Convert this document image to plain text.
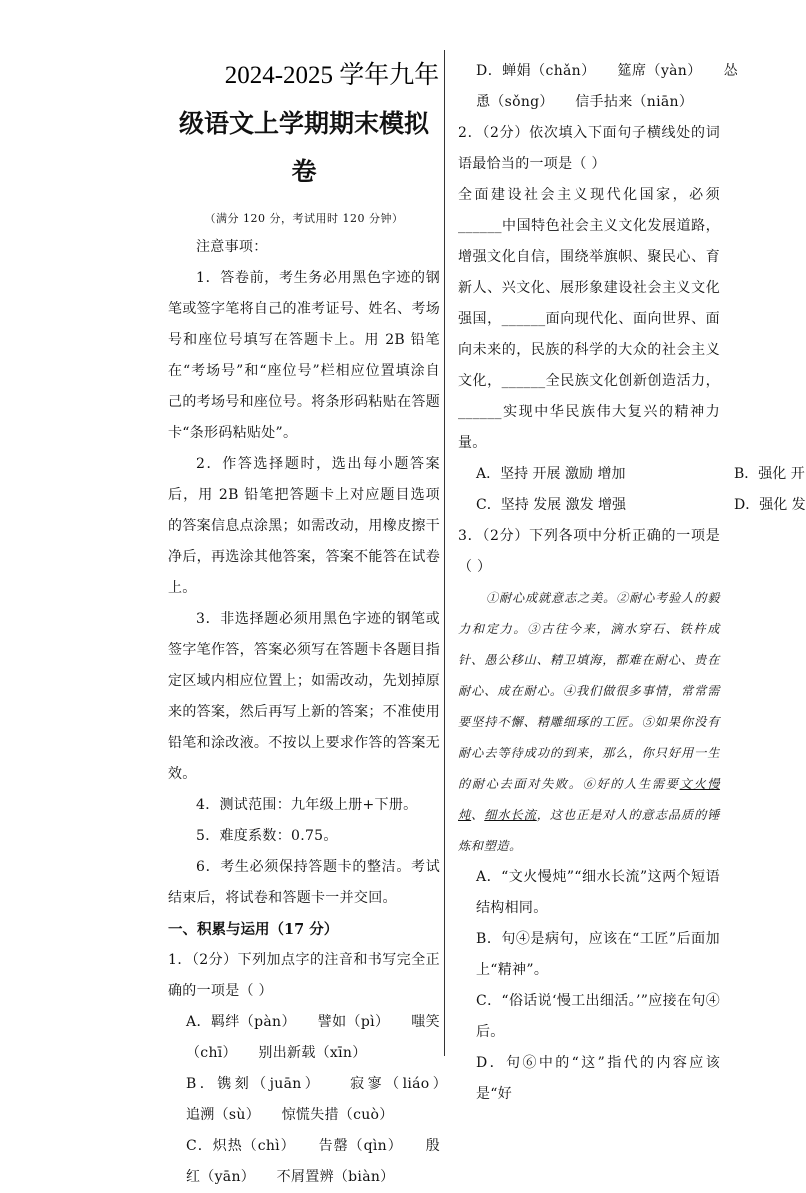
2024-2025 学年九年
级语文上学期期末模拟
卷

（满分 120 分，考试用时 120 分钟）

注意事项：

1．答卷前，考生务必用黑色字迹的钢笔或签字笔将自己的准考证号、姓名、考场号和座位号填写在答题卡上。用 2B 铅笔在“考场号”和“座位号”栏相应位置填涂自己的考场号和座位号。将条形码粘贴在答题卡“条形码粘贴处”。

2．作答选择题时，选出每小题答案后，用 2B 铅笔把答题卡上对应题目选项的答案信息点涂黑；如需改动，用橡皮擦干净后，再选涂其他答案，答案不能答在试卷上。

3．非选择题必须用黑色字迹的钢笔或签字笔作答，答案必须写在答题卡各题目指定区域内相应位置上；如需改动，先划掉原来的答案，然后再写上新的答案；不准使用铅笔和涂改液。不按以上要求作答的答案无效。

4．测试范围：九年级上册+下册。

5．难度系数：0.75。

6．考生必须保持答题卡的整洁。考试结束后，将试卷和答题卡一并交回。

一、积累与运用（17 分）

1．（2分）下列加点字的注音和书写完全正确的一项是（ ）

A．羁绊（pàn）　　譬如（pì）　　嗤笑（chī）　　别出新载（xīn）

B．镌刻（juān）　　寂寥（liáo）　　追溯（sù）　　惊慌失措（cuò）

C．炽热（chì）　　告罄（qìn）　　殷红（yān）　　不屑置辨（biàn）

D．蝉娟（chǎn）　　筵席（yàn）　　怂恿（sǒng）　　信手拈来（niān）

2．（2分）依次填入下面句子横线处的词语最恰当的一项是（ ）

全面建设社会主义现代化国家，必须______中国特色社会主义文化发展道路，增强文化自信，围绕举旗帜、聚民心、育新人、兴文化、展形象建设社会主义文化强国，______面向现代化、面向世界、面向未来的，民族的科学的大众的社会主义文化，______全民族文化创新创造活力，______实现中华民族伟大复兴的精神力量。

A．坚持 开展 激励 增加	B．强化 开
C．坚持 发展 激发 增强	D．强化 发

3．（2分）下列各项中分析正确的一项是（ ）

①耐心成就意志之美。②耐心考验人的毅力和定力。③古往今来，滴水穿石、铁杵成针、愚公移山、精卫填海，都难在耐心、贵在耐心、成在耐心。④我们做很多事情，常常需要坚持不懈、精雕细琢的工匠。⑤如果你没有耐心去等待成功的到来，那么，你只好用一生的耐心去面对失败。⑥好的人生需要文火慢炖、细水长流，这也正是对人的意志品质的锤炼和塑造。

A．“文火慢炖”“细水长流”这两个短语结构相同。

B．句④是病句，应该在“工匠”后面加上“精神”。

C．“俗话说‘慢工出细活。’”应接在句④后。

D．句⑥中的“这”指代的内容应该是“好
